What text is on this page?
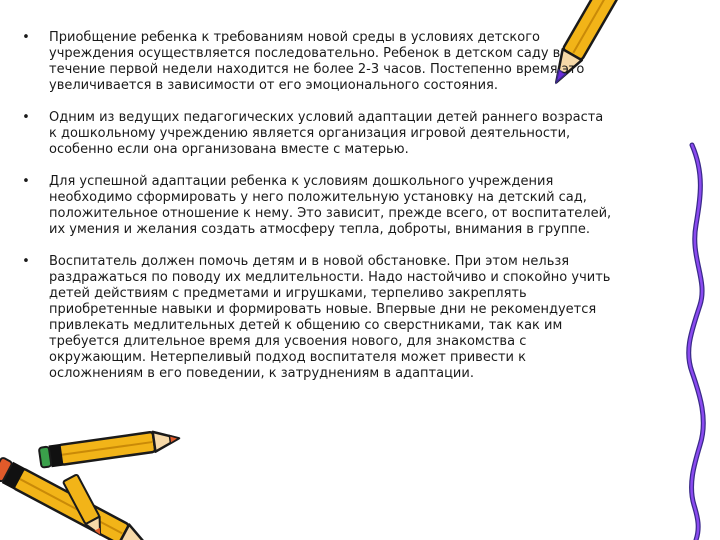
• Приобщение ребенка к требованиям новой среды в условиях детского учреждения осуществляется последовательно. Ребенок в детском саду в течение первой недели находится не более 2-3 часов. Постепенно время это увеличивается в зависимости от его эмоционального состояния.
• Одним из ведущих педагогических условий адаптации детей раннего возраста к дошкольному учреждению является организация игровой деятельности, особенно если она организована вместе с матерью.
• Для успешной адаптации ребенка к условиям дошкольного учреждения необходимо сформировать у него положительную установку на детский сад, положительное отношение к нему. Это зависит, прежде всего, от воспитателей, их умения и желания создать атмосферу тепла, доброты, внимания в группе.
• Воспитатель должен помочь детям и в новой обстановке. При этом нельзя раздражаться по поводу их медлительности. Надо настойчиво и спокойно учить детей действиям с предметами и игрушками, терпеливо закреплять приобретенные навыки и формировать новые. Впервые дни не рекомендуется привлекать медлительных детей к общению со сверстниками, так как им требуется длительное время для усвоения нового, для знакомства с окружающим. Нетерпеливый подход воспитателя может привести к осложнениям в его поведении, к затруднениям в адаптации.
